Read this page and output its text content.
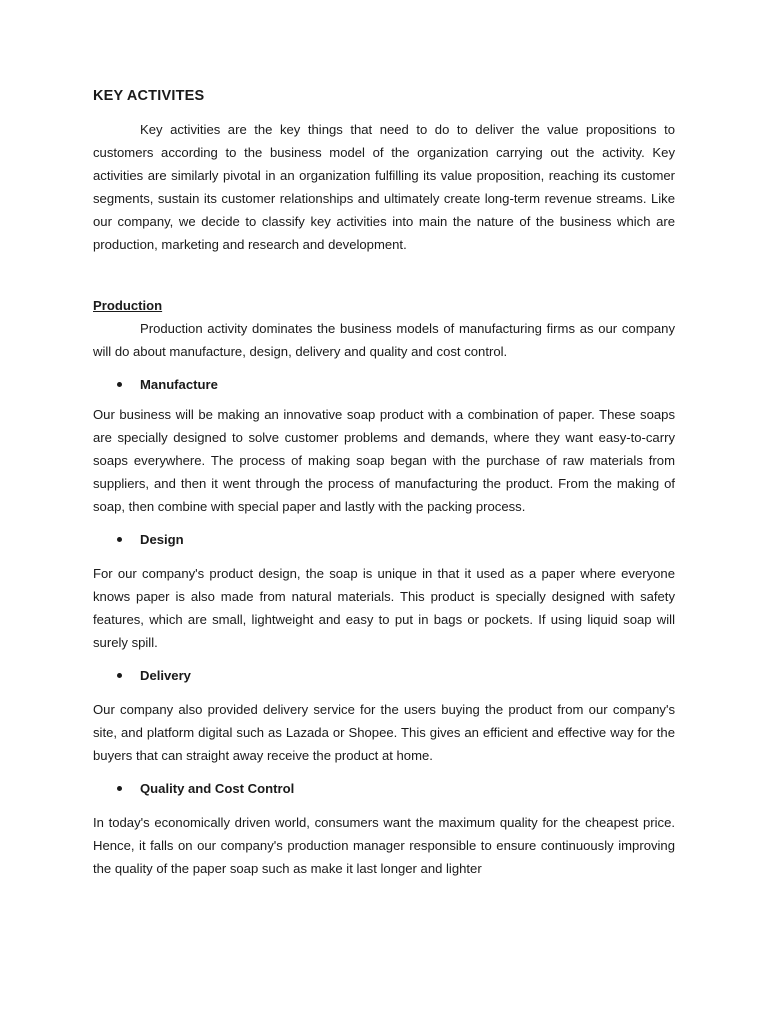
KEY ACTIVITES

Key activities are the key things that need to do to deliver the value propositions to customers according to the business model of the organization carrying out the activity. Key activities are similarly pivotal in an organization fulfilling its value proposition, reaching its customer segments, sustain its customer relationships and ultimately create long-term revenue streams. Like our company, we decide to classify key activities into main the nature of the business which are production, marketing and research and development.

Production

Production activity dominates the business models of manufacturing firms as our company will do about manufacture, design, delivery and quality and cost control.

Manufacture

Our business will be making an innovative soap product with a combination of paper. These soaps are specially designed to solve customer problems and demands, where they want easy-to-carry soaps everywhere. The process of making soap began with the purchase of raw materials from suppliers, and then it went through the process of manufacturing the product. From the making of soap, then combine with special paper and lastly with the packing process.

Design

For our company's product design, the soap is unique in that it used as a paper where everyone knows paper is also made from natural materials. This product is specially designed with safety features, which are small, lightweight and easy to put in bags or pockets. If using liquid soap will surely spill.

Delivery

Our company also provided delivery service for the users buying the product from our company's site, and platform digital such as Lazada or Shopee. This gives an efficient and effective way for the buyers that can straight away receive the product at home.

Quality and Cost Control

In today's economically driven world, consumers want the maximum quality for the cheapest price. Hence, it falls on our company's production manager responsible to ensure continuously improving the quality of the paper soap such as make it last longer and lighter
